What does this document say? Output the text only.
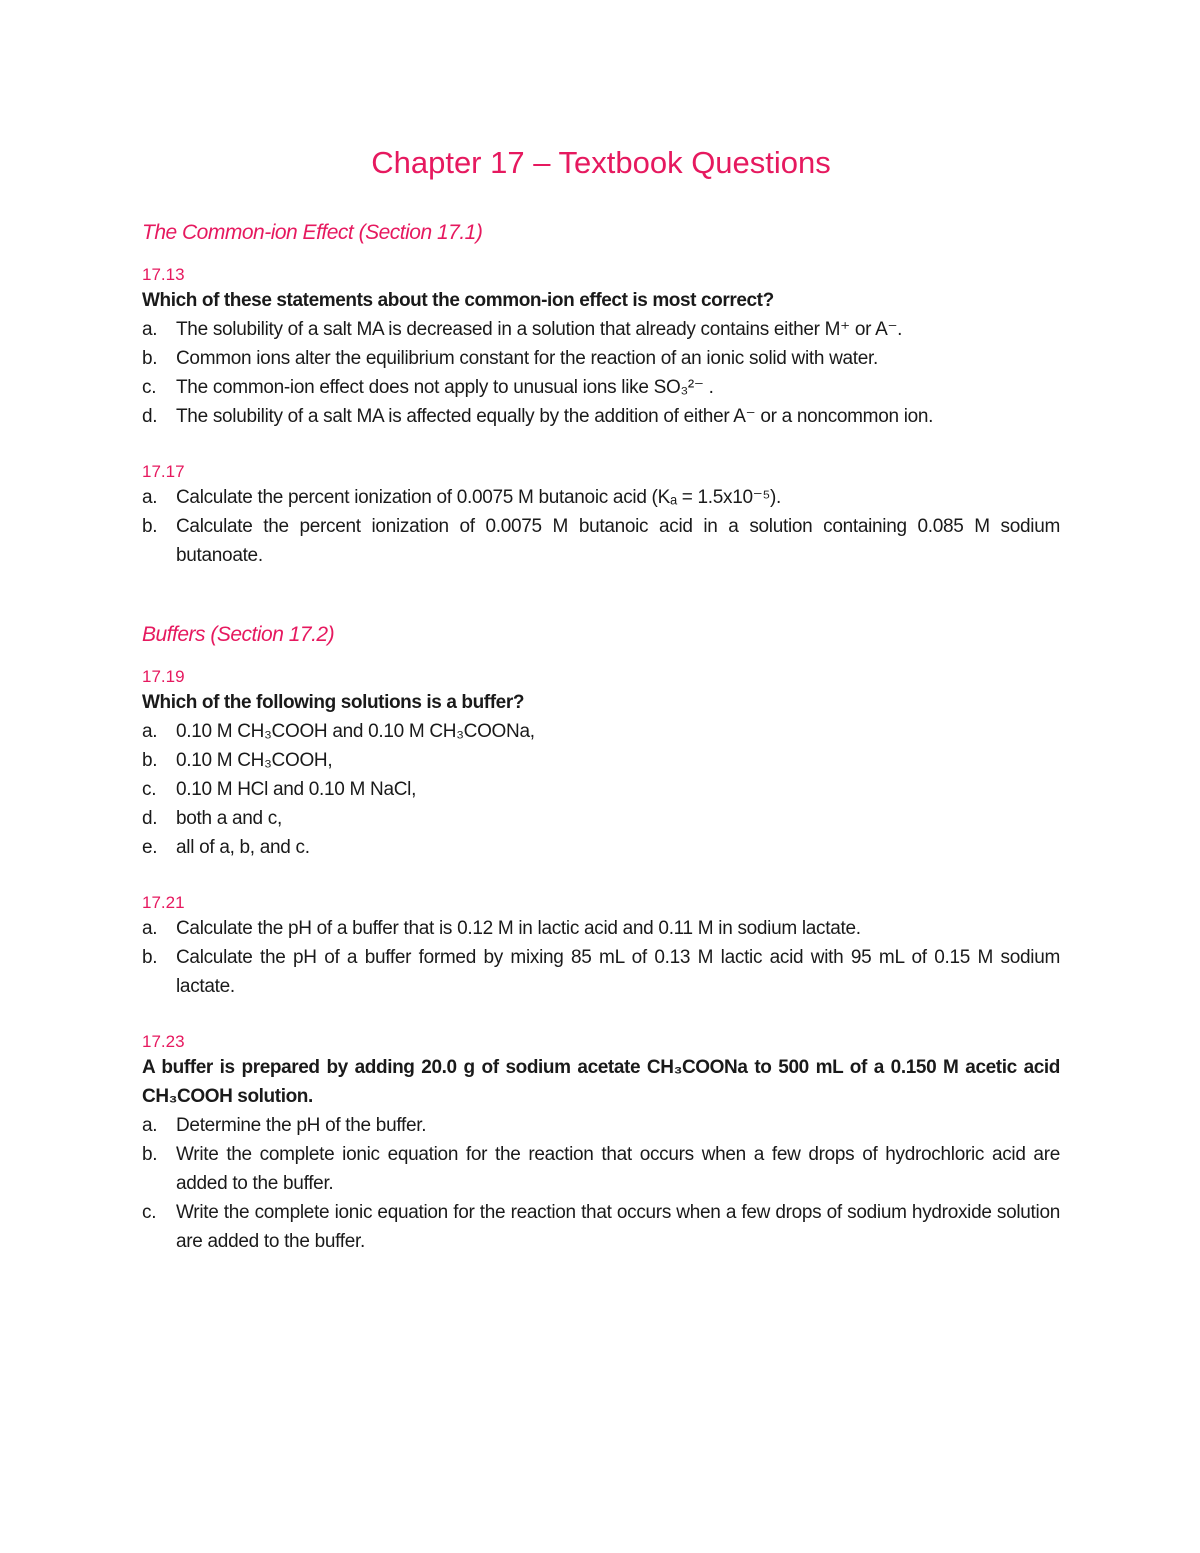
Chapter 17 – Textbook Questions
The Common-ion Effect (Section 17.1)
17.13
Which of these statements about the common-ion effect is most correct?
a. The solubility of a salt MA is decreased in a solution that already contains either M⁺ or A⁻.
b. Common ions alter the equilibrium constant for the reaction of an ionic solid with water.
c. The common-ion effect does not apply to unusual ions like SO₃²⁻ .
d. The solubility of a salt MA is affected equally by the addition of either A⁻ or a noncommon ion.
17.17
a. Calculate the percent ionization of 0.0075 M butanoic acid (Kₐ = 1.5x10⁻⁵).
b. Calculate the percent ionization of 0.0075 M butanoic acid in a solution containing 0.085 M sodium butanoate.
Buffers (Section 17.2)
17.19
Which of the following solutions is a buffer?
a. 0.10 M CH₃COOH and 0.10 M CH₃COONa,
b. 0.10 M CH₃COOH,
c. 0.10 M HCl and 0.10 M NaCl,
d. both a and c,
e. all of a, b, and c.
17.21
a. Calculate the pH of a buffer that is 0.12 M in lactic acid and 0.11 M in sodium lactate.
b. Calculate the pH of a buffer formed by mixing 85 mL of 0.13 M lactic acid with 95 mL of 0.15 M sodium lactate.
17.23
A buffer is prepared by adding 20.0 g of sodium acetate CH₃COONa to 500 mL of a 0.150 M acetic acid CH₃COOH solution.
a. Determine the pH of the buffer.
b. Write the complete ionic equation for the reaction that occurs when a few drops of hydrochloric acid are added to the buffer.
c. Write the complete ionic equation for the reaction that occurs when a few drops of sodium hydroxide solution are added to the buffer.
